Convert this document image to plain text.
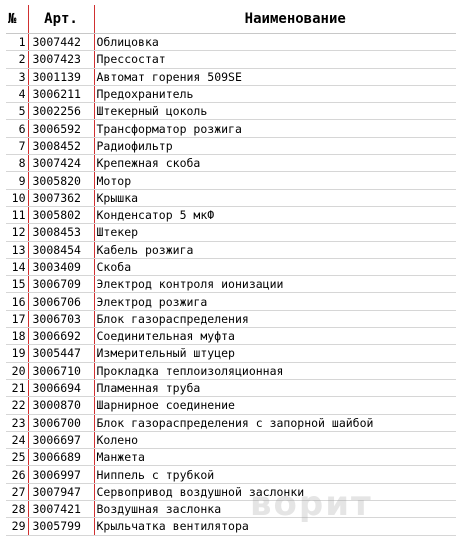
№	Арт.	Наименование
1	3007442	Облицовка
2	3007423	Прессостат
3	3001139	Автомат горения 509SE
4	3006211	Предохранитель
5	3002256	Штекерный цоколь
6	3006592	Трансформатор розжига
7	3008452	Радиофильтр
8	3007424	Крепежная скоба
9	3005820	Мотор
10	3007362	Крышка
11	3005802	Конденсатор 5 мкФ
12	3008453	Штекер
13	3008454	Кабель розжига
14	3003409	Скоба
15	3006709	Электрод контроля ионизации
16	3006706	Электрод розжига
17	3006703	Блок газораспределения
18	3006692	Соединительная муфта
19	3005447	Измерительный штуцер
20	3006710	Прокладка теплоизоляционная
21	3006694	Пламенная труба
22	3000870	Шарнирное соединение
23	3006700	Блок газораспределения с запорной шайбой
24	3006697	Колено
25	3006689	Манжета
26	3006997	Ниппель с трубкой
27	3007947	Сервопривод воздушной заслонки
28	3007421	Воздушная заслонка
29	3005799	Крыльчатка вентилятора
ворит
